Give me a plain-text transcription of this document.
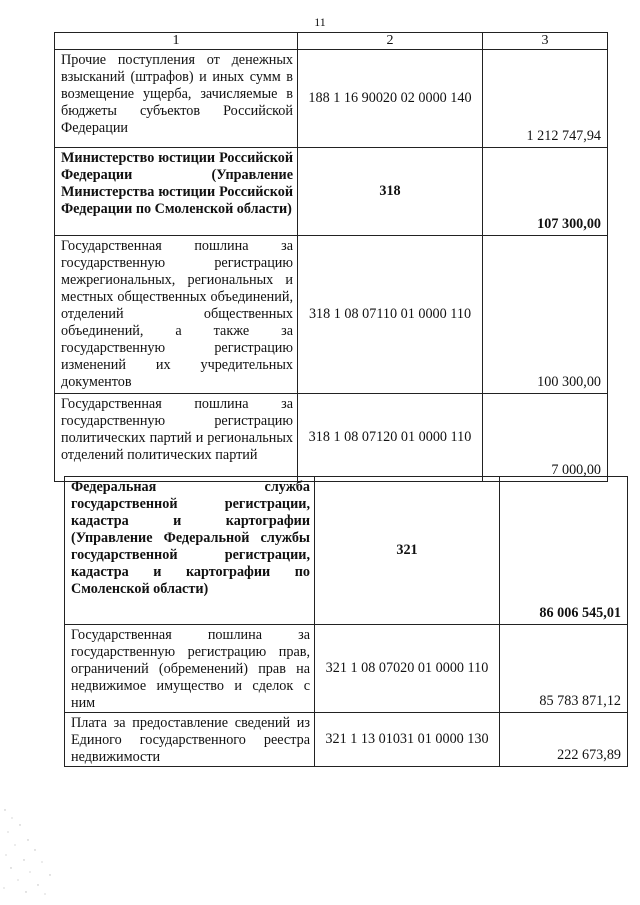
11
1	2	3
Прочие поступления от денежных взысканий (штрафов) и иных сумм в возмещение ущерба, зачисляемые в бюджеты субъектов Российской Федерации	188 1 16 90020 02 0000 140	1 212 747,94
Министерство юстиции Российской Федерации (Управление Министерства юстиции Российской Федерации по Смоленской области)	318	107 300,00
Государственная пошлина за государственную регистрацию межрегиональных, региональных и местных общественных объединений, отделений общественных объединений, а также за государственную регистрацию изменений их учредительных документов	318 1 08 07110 01 0000 110	100 300,00
Государственная пошлина за государственную регистрацию политических партий и региональных отделений политических партий	318 1 08 07120 01 0000 110	7 000,00
Федеральная служба государственной регистрации, кадастра и картографии (Управление Федеральной службы государственной регистрации, кадастра и картографии по Смоленской области)	321	86 006 545,01
Государственная пошлина за государственную регистрацию прав, ограничений (обременений) прав на недвижимое имущество и сделок с ним	321 1 08 07020 01 0000 110	85 783 871,12
Плата за предоставление сведений из Единого государственного реестра недвижимости	321 1 13 01031 01 0000 130	222 673,89
